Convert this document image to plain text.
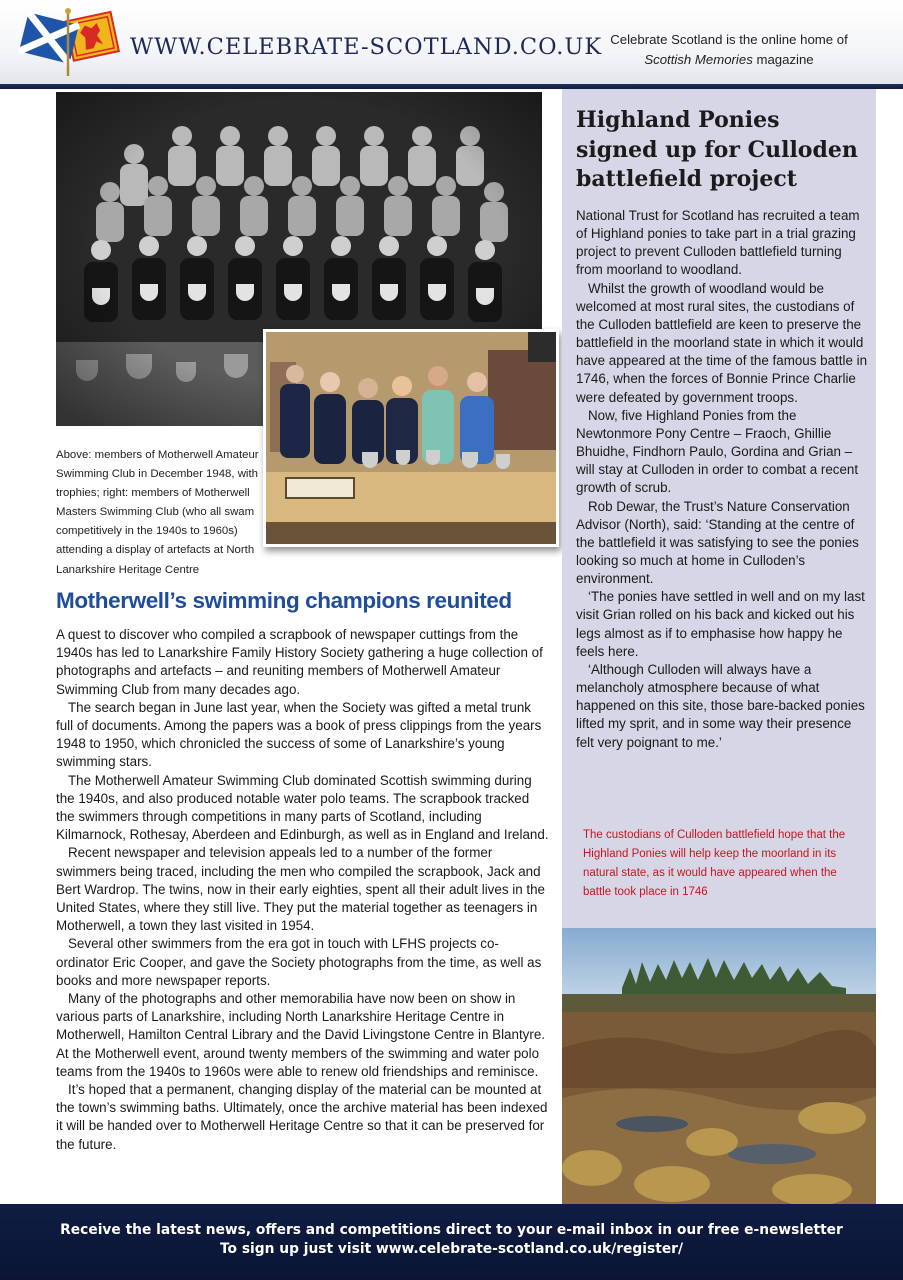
WWW.CELEBRATE-SCOTLAND.CO.UK Celebrate Scotland is the online home of
Scottish Memories magazine
Above: members of Motherwell Amateur Swimming Club in December 1948, with trophies; right: members of Motherwell Masters Swimming Club (who all swam competitively in the 1940s to 1960s) attending a display of artefacts at North Lanarkshire Heritage Centre
Motherwell’s swimming champions reunited

A quest to discover who compiled a scrapbook of newspaper cuttings from the 1940s has led to Lanarkshire Family History Society gathering a huge collection of photographs and artefacts – and reuniting members of Motherwell Amateur Swimming Club from many decades ago.

The search began in June last year, when the Society was gifted a metal trunk full of documents. Among the papers was a book of press clippings from the years 1948 to 1950, which chronicled the success of some of Lanarkshire’s young swimming stars.

The Motherwell Amateur Swimming Club dominated Scottish swimming during the 1940s, and also produced notable water polo teams. The scrapbook tracked the swimmers through competitions in many parts of Scotland, including Kilmarnock, Rothesay, Aberdeen and Edinburgh, as well as in England and Ireland.

Recent newspaper and television appeals led to a number of the former swimmers being traced, including the men who compiled the scrapbook, Jack and Bert Wardrop. The twins, now in their early eighties, spent all their adult lives in the United States, where they still live. They put the material together as teenagers in Motherwell, a town they last visited in 1954.

Several other swimmers from the era got in touch with LFHS projects co-ordinator Eric Cooper, and gave the Society photographs from the time, as well as books and more newspaper reports.

Many of the photographs and other memorabilia have now been on show in various parts of Lanarkshire, including North Lanarkshire Heritage Centre in Motherwell, Hamilton Central Library and the David Livingstone Centre in Blantyre. At the Motherwell event, around twenty members of the swimming and water polo teams from the 1940s to 1960s were able to renew old friendships and reminisce.

It’s hoped that a permanent, changing display of the material can be mounted at the town’s swimming baths. Ultimately, once the archive material has been indexed it will be handed over to Motherwell Heritage Centre so that it can be preserved for the future.

Highland Ponies signed up for Culloden battlefield project

National Trust for Scotland has recruited a team of Highland ponies to take part in a trial grazing project to prevent Culloden battlefield turning from moorland to woodland.

Whilst the growth of woodland would be welcomed at most rural sites, the custodians of the Culloden battlefield are keen to preserve the battlefield in the moorland state in which it would have appeared at the time of the famous battle in 1746, when the forces of Bonnie Prince Charlie were defeated by government troops.

Now, five Highland Ponies from the Newtonmore Pony Centre – Fraoch, Ghillie Bhuidhe, Findhorn Paulo, Gordina and Grian – will stay at Culloden in order to combat a recent growth of scrub.

Rob Dewar, the Trust’s Nature Conservation Advisor (North), said: ‘Standing at the centre of the battlefield it was satisfying to see the ponies looking so much at home in Culloden’s environment.

‘The ponies have settled in well and on my last visit Grian rolled on his back and kicked out his legs almost as if to emphasise how happy he feels here.

‘Although Culloden will always have a melancholy atmosphere because of what happened on this site, those bare-backed ponies lifted my sprit, and in some way their presence felt very poignant to me.’

The custodians of Culloden battlefield hope that the Highland Ponies will help keep the moorland in its natural state, as it would have appeared when the battle took place in 1746
Receive the latest news, offers and competitions direct to your e-mail inbox in our free e-newsletter
To sign up just visit www.celebrate-scotland.co.uk/register/
